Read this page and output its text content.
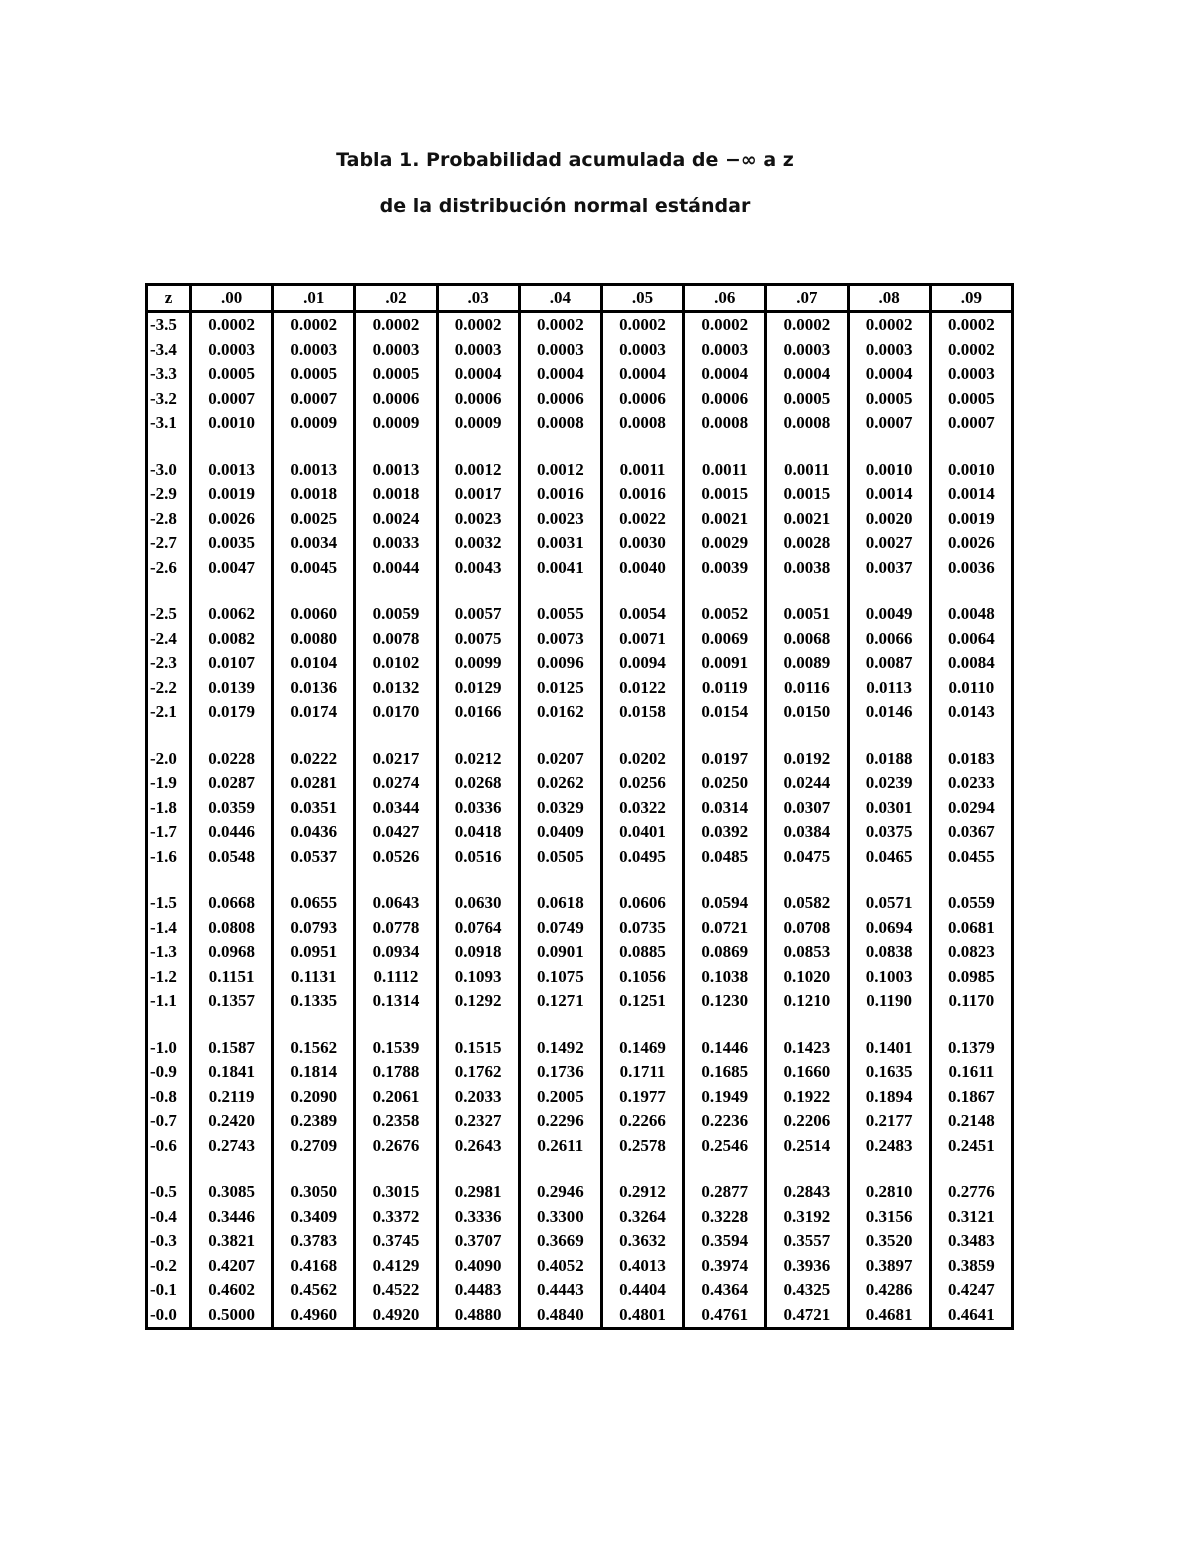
Tabla 1. Probabilidad acumulada de −∞ a z
de la distribución normal estándar
z	.00	.01	.02	.03	.04	.05	.06	.07	.08	.09
-3.5	0.0002	0.0002	0.0002	0.0002	0.0002	0.0002	0.0002	0.0002	0.0002	0.0002
-3.4	0.0003	0.0003	0.0003	0.0003	0.0003	0.0003	0.0003	0.0003	0.0003	0.0002
-3.3	0.0005	0.0005	0.0005	0.0004	0.0004	0.0004	0.0004	0.0004	0.0004	0.0003
-3.2	0.0007	0.0007	0.0006	0.0006	0.0006	0.0006	0.0006	0.0005	0.0005	0.0005
-3.1	0.0010	0.0009	0.0009	0.0009	0.0008	0.0008	0.0008	0.0008	0.0007	0.0007

-3.0	0.0013	0.0013	0.0013	0.0012	0.0012	0.0011	0.0011	0.0011	0.0010	0.0010
-2.9	0.0019	0.0018	0.0018	0.0017	0.0016	0.0016	0.0015	0.0015	0.0014	0.0014
-2.8	0.0026	0.0025	0.0024	0.0023	0.0023	0.0022	0.0021	0.0021	0.0020	0.0019
-2.7	0.0035	0.0034	0.0033	0.0032	0.0031	0.0030	0.0029	0.0028	0.0027	0.0026
-2.6	0.0047	0.0045	0.0044	0.0043	0.0041	0.0040	0.0039	0.0038	0.0037	0.0036

-2.5	0.0062	0.0060	0.0059	0.0057	0.0055	0.0054	0.0052	0.0051	0.0049	0.0048
-2.4	0.0082	0.0080	0.0078	0.0075	0.0073	0.0071	0.0069	0.0068	0.0066	0.0064
-2.3	0.0107	0.0104	0.0102	0.0099	0.0096	0.0094	0.0091	0.0089	0.0087	0.0084
-2.2	0.0139	0.0136	0.0132	0.0129	0.0125	0.0122	0.0119	0.0116	0.0113	0.0110
-2.1	0.0179	0.0174	0.0170	0.0166	0.0162	0.0158	0.0154	0.0150	0.0146	0.0143

-2.0	0.0228	0.0222	0.0217	0.0212	0.0207	0.0202	0.0197	0.0192	0.0188	0.0183
-1.9	0.0287	0.0281	0.0274	0.0268	0.0262	0.0256	0.0250	0.0244	0.0239	0.0233
-1.8	0.0359	0.0351	0.0344	0.0336	0.0329	0.0322	0.0314	0.0307	0.0301	0.0294
-1.7	0.0446	0.0436	0.0427	0.0418	0.0409	0.0401	0.0392	0.0384	0.0375	0.0367
-1.6	0.0548	0.0537	0.0526	0.0516	0.0505	0.0495	0.0485	0.0475	0.0465	0.0455

-1.5	0.0668	0.0655	0.0643	0.0630	0.0618	0.0606	0.0594	0.0582	0.0571	0.0559
-1.4	0.0808	0.0793	0.0778	0.0764	0.0749	0.0735	0.0721	0.0708	0.0694	0.0681
-1.3	0.0968	0.0951	0.0934	0.0918	0.0901	0.0885	0.0869	0.0853	0.0838	0.0823
-1.2	0.1151	0.1131	0.1112	0.1093	0.1075	0.1056	0.1038	0.1020	0.1003	0.0985
-1.1	0.1357	0.1335	0.1314	0.1292	0.1271	0.1251	0.1230	0.1210	0.1190	0.1170

-1.0	0.1587	0.1562	0.1539	0.1515	0.1492	0.1469	0.1446	0.1423	0.1401	0.1379
-0.9	0.1841	0.1814	0.1788	0.1762	0.1736	0.1711	0.1685	0.1660	0.1635	0.1611
-0.8	0.2119	0.2090	0.2061	0.2033	0.2005	0.1977	0.1949	0.1922	0.1894	0.1867
-0.7	0.2420	0.2389	0.2358	0.2327	0.2296	0.2266	0.2236	0.2206	0.2177	0.2148
-0.6	0.2743	0.2709	0.2676	0.2643	0.2611	0.2578	0.2546	0.2514	0.2483	0.2451

-0.5	0.3085	0.3050	0.3015	0.2981	0.2946	0.2912	0.2877	0.2843	0.2810	0.2776
-0.4	0.3446	0.3409	0.3372	0.3336	0.3300	0.3264	0.3228	0.3192	0.3156	0.3121
-0.3	0.3821	0.3783	0.3745	0.3707	0.3669	0.3632	0.3594	0.3557	0.3520	0.3483
-0.2	0.4207	0.4168	0.4129	0.4090	0.4052	0.4013	0.3974	0.3936	0.3897	0.3859
-0.1	0.4602	0.4562	0.4522	0.4483	0.4443	0.4404	0.4364	0.4325	0.4286	0.4247
-0.0	0.5000	0.4960	0.4920	0.4880	0.4840	0.4801	0.4761	0.4721	0.4681	0.4641
